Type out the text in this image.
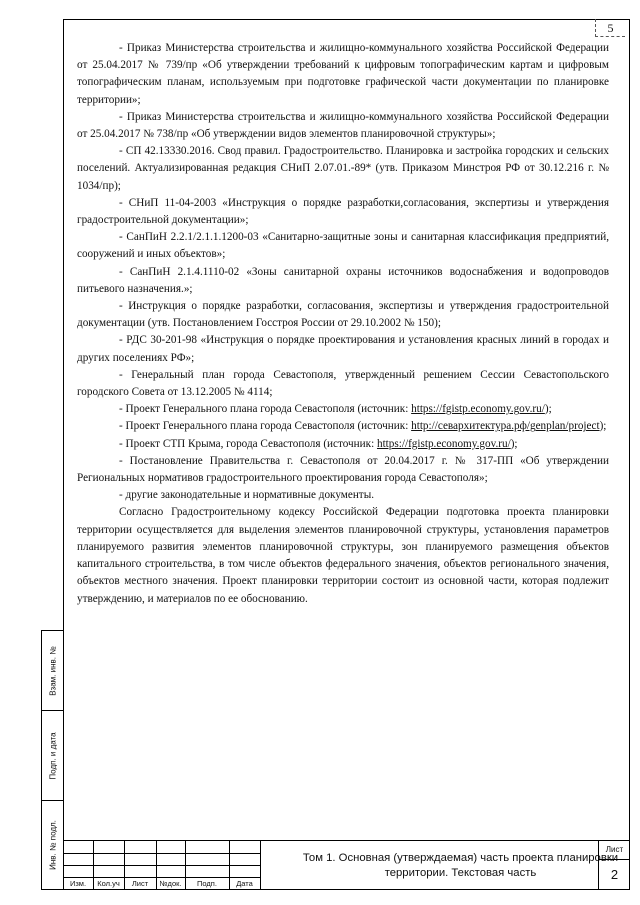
5

- Приказ Министерства строительства и жилищно-коммунального хозяйства Российской Федерации от 25.04.2017 № 739/пр «Об утверждении требований к цифровым топографическим картам и цифровым топографическим планам, используемым при подготовке графической части документации по планировке территории»;

- Приказ Министерства строительства и жилищно-коммунального хозяйства Российской Федерации от 25.04.2017 № 738/пр «Об утверждении видов элементов планировочной структуры»;

- СП 42.13330.2016. Свод правил. Градостроительство. Планировка и застройка городских и сельских поселений. Актуализированная редакция СНиП 2.07.01.-89* (утв. Приказом Минстроя РФ от 30.12.216 г. № 1034/пр);

- СНиП 11-04-2003 «Инструкция о порядке разработки,согласования, экспертизы и утверждения градостроительной документации»;

- СанПиН 2.2.1/2.1.1.1200-03 «Санитарно-защитные зоны и санитарная классификация предприятий, сооружений и иных объектов»;

- СанПиН 2.1.4.1110-02 «Зоны санитарной охраны источников водоснабжения и водопроводов питьевого назначения.»;

- Инструкция о порядке разработки, согласования, экспертизы и утверждения градостроительной документации (утв. Постановлением Госстроя России от 29.10.2002 № 150);

- РДС 30-201-98 «Инструкция о порядке проектирования и установления красных линий в городах и других поселениях РФ»;

- Генеральный план города Севастополя, утвержденный решением Сессии Севастопольского городского Совета от 13.12.2005 № 4114;

- Проект Генерального плана города Севастополя (источник: https://fgistp.economy.gov.ru/);

- Проект Генерального плана города Севастополя (источник: http://севархитектура.рф/genplan/project);

- Проект СТП Крыма, города Севастополя (источник: https://fgistp.economy.gov.ru/);

- Постановление Правительства г. Севастополя от 20.04.2017 г. № 317-ПП «Об утверждении Региональных нормативов градостроительного проектирования города Севастополя»;

- другие законодательные и нормативные документы.

Согласно Градостроительному кодексу Российской Федерации подготовка проекта планировки территории осуществляется для выделения элементов планировочной структуры, установления параметров планируемого развития элементов планировочной структуры, зон планируемого размещения объектов капитального строительства, в том числе объектов федерального значения, объектов регионального значения, объектов местного значения. Проект планировки территории состоит из основной части, которая подлежит утверждению, и материалов по ее обоснованию.

Взам. инв. №
Подп. и дата
Инв. № подл.
Изм.	Кол.уч	Лист	№док.	Подп.	Дата
Том 1. Основная (утверждаемая) часть проекта планировки территории. Текстовая часть
Лист
2
